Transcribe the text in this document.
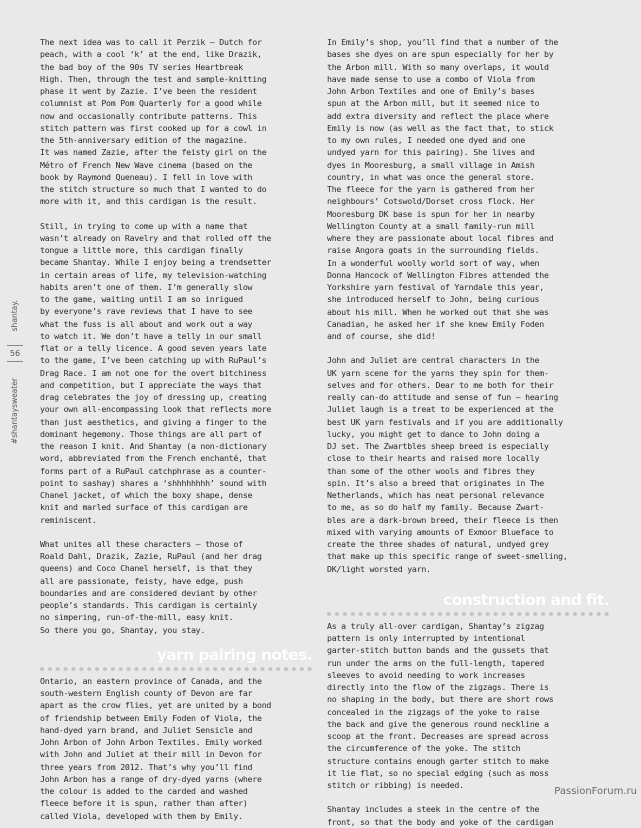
The next idea was to call it Perzik – Dutch for

peach, with a cool ‘k’ at the end, like Drazik,

the bad boy of the 90s TV series Heartbreak

High. Then, through the test and sample-knitting

phase it went by Zazie. I’ve been the resident

columnist at Pom Pom Quarterly for a good while

now and occasionally contribute patterns. This

stitch pattern was first cooked up for a cowl in

the 5th-anniversary edition of the magazine.

It was named Zazie, after the feisty girl on the

Métro of French New Wave cinema (based on the

book by Raymond Queneau). I fell in love with

the stitch structure so much that I wanted to do

more with it, and this cardigan is the result.

Still, in trying to come up with a name that

wasn’t already on Ravelry and that rolled off the

tongue a little more, this cardigan finally

became Shantay. While I enjoy being a trendsetter

in certain areas of life, my television-watching

habits aren’t one of them. I’m generally slow

to the game, waiting until I am so inrigued

by everyone’s rave reviews that I have to see

what the fuss is all about and work out a way

to watch it. We don’t have a telly in our small

flat or a telly licence. A good seven years late

to the game, I’ve been catching up with RuPaul’s

Drag Race. I am not one for the overt bitchiness

and competition, but I appreciate the ways that

drag celebrates the joy of dressing up, creating

your own all-encompassing look that reflects more

than just aesthetics, and giving a finger to the

dominant hegemony. Those things are all part of

the reason I knit. And Shantay (a non-dictionary

word, abbreviated from the French enchanté, that

forms part of a RuPaul catchphrase as a counter-

point to sashay) shares a ‘shhhhhhhh’ sound with

Chanel jacket, of which the boxy shape, dense

knit and marled surface of this cardigan are

reminiscent.

What unites all these characters – those of

Roald Dahl, Drazik, Zazie, RuPaul (and her drag

queens) and Coco Chanel herself, is that they

all are passionate, feisty, have edge, push

boundaries and are considered deviant by other

people’s standards. This cardigan is certainly

no simpering, run-of-the-mill, easy knit.

So there you go, Shantay, you stay.

yarn pairing notes.

Ontario, an eastern province of Canada, and the

south-western English county of Devon are far

apart as the crow flies, yet are united by a bond

of friendship between Emily Foden of Viola, the

hand-dyed yarn brand, and Juliet Sensicle and

John Arbon of John Arbon Textiles. Emily worked

with John and Juliet at their mill in Devon for

three years from 2012. That’s why you’ll find

John Arbon has a range of dry-dyed yarns (where

the colour is added to the carded and washed

fleece before it is spun, rather than after)

called Viola, developed with them by Emily.

In Emily’s shop, you’ll find that a number of the

bases she dyes on are spun especially for her by

the Arbon mill. With so many overlaps, it would

have made sense to use a combo of Viola from

John Arbon Textiles and one of Emily’s bases

spun at the Arbon mill, but it seemed nice to

add extra diversity and reflect the place where

Emily is now (as well as the fact that, to stick

to my own rules, I needed one dyed and one

undyed yarn for this pairing). She lives and

dyes in Mooresburg, a small village in Amish

country, in what was once the general store.

The fleece for the yarn is gathered from her

neighbours’ Cotswold/Dorset cross flock. Her

Mooresburg DK base is spun for her in nearby

Wellington County at a small family-run mill

where they are passionate about local fibres and

raise Angora goats in the surrounding fields.

In a wonderful woolly world sort of way, when

Donna Hancock of Wellington Fibres attended the

Yorkshire yarn festival of Yarndale this year,

she introduced herself to John, being curious

about his mill. When he worked out that she was

Canadian, he asked her if she knew Emily Foden

and of course, she did!

John and Juliet are central characters in the

UK yarn scene for the yarns they spin for them-

selves and for others. Dear to me both for their

really can-do attitude and sense of fun – hearing

Juliet laugh is a treat to be experienced at the

best UK yarn festivals and if you are additionally

lucky, you might get to dance to John doing a

DJ set. The Zwartbles sheep breed is especially

close to their hearts and raised more locally

than some of the other wools and fibres they

spin. It’s also a breed that originates in The

Netherlands, which has neat personal relevance

to me, as so do half my family. Because Zwart-

bles are a dark-brown breed, their fleece is then

mixed with varying amounts of Exmoor Blueface to

create the three shades of natural, undyed grey

that make up this specific range of sweet-smelling,

DK/light worsted yarn.

construction and fit.

As a truly all-over cardigan, Shantay’s zigzag

pattern is only interrupted by intentional

garter-stitch button bands and the gussets that

run under the arms on the full-length, tapered

sleeves to avoid needing to work increases

directly into the flow of the zigzags. There is

no shaping in the body, but there are short rows

concealed in the zigzags of the yoke to raise

the back and give the generous round neckline a

scoop at the front. Decreases are spread across

the circumference of the yoke. The stitch

structure contains enough garter stitch to make

it lie flat, so no special edging (such as moss

stitch or ribbing) is needed.

Shantay includes a steek in the centre of the

front, so that the body and yoke of the cardigan

shantay.
56
#shantaysweater
PassionForum.ru
